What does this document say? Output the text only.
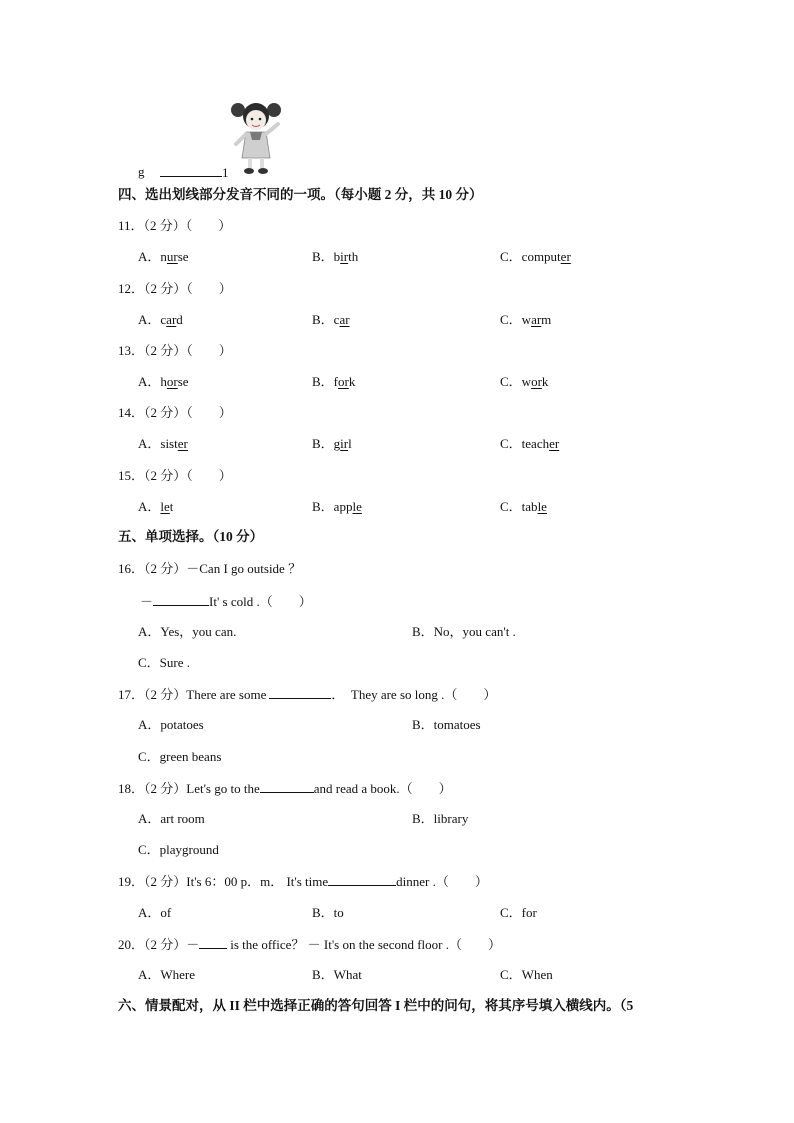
g	1
四、选出划线部分发音不同的一项。（每小题 2 分，共 10 分）
11．（2 分）（　　）
A．nurse	B．birth	C．computer
12．（2 分）（　　）
A．card	B．car	C．warm
13．（2 分）（　　）
A．horse	B．fork	C．work
14．（2 分）（　　）
A．sister	B．girl	C．teacher
15．（2 分）（　　）
A．let	B．apple	C．table
五、单项选择。（10 分）
16．（2 分）－Can I go outside ？
－	It' s cold .（　　）
A．Yes，you can.	B．No，you can't .
C．Sure .
17．（2 分）There are some	．　They are so long .（　　）
A．potatoes	B．tomatoes
C．green beans
18．（2 分）Let's go to the	and read a book.（　　）
A．art room	B．library
C．playground
19．（2 分）It's 6：00 p．m． It's time	dinner .（　　）
A．of	B．to	C．for
20．（2 分）－ is the office？ － It's on the second floor .（　　）
A．Where	B．What	C．When
六、情景配对，从 II 栏中选择正确的答句回答 I 栏中的问句，将其序号填入横线内。（5
